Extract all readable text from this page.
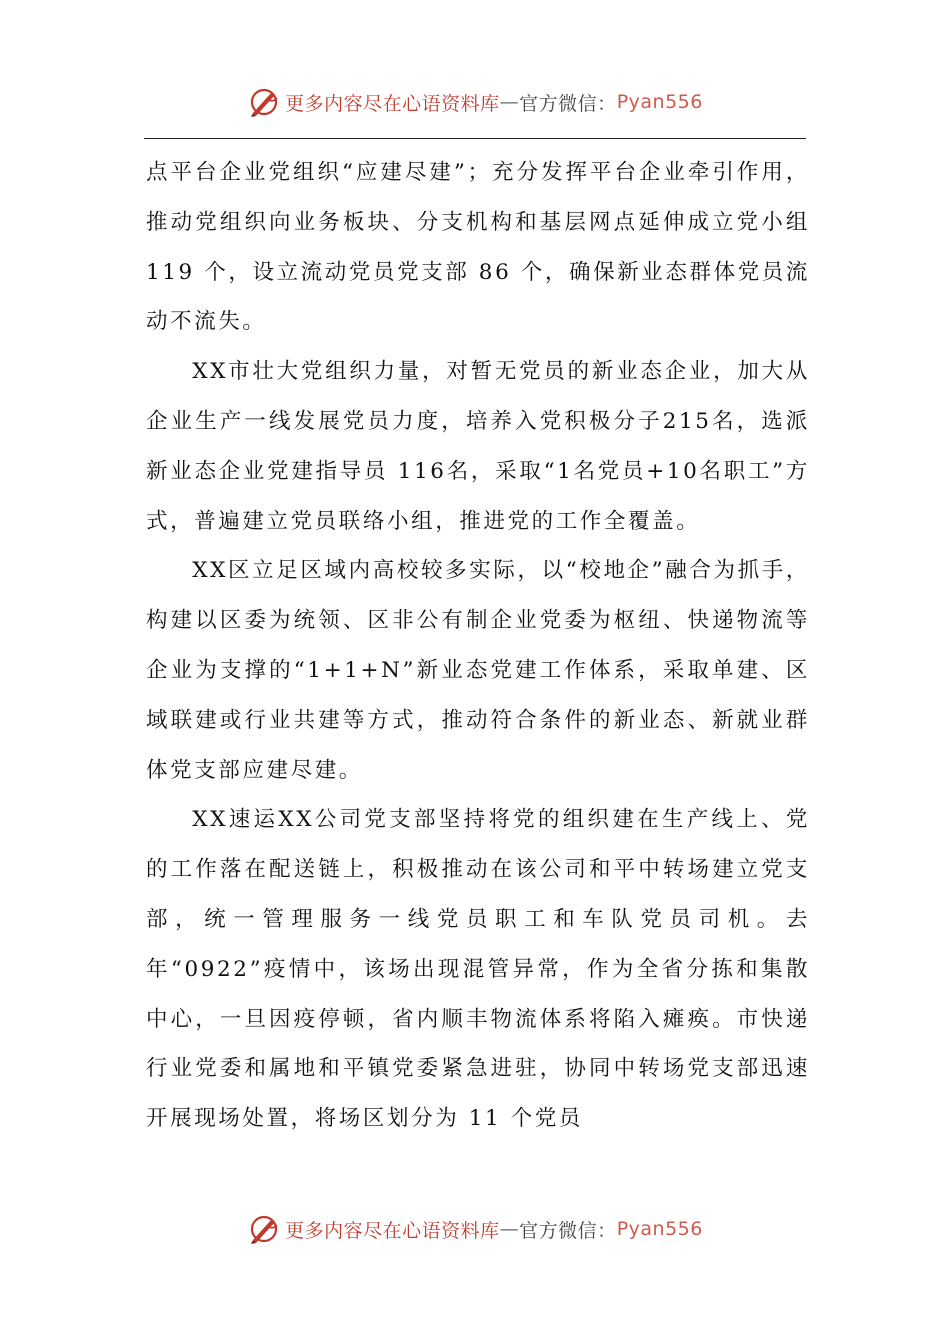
更多内容尽在心语资料库 — 官方微信： Pyan556

点平台企业党组织“应建尽建”；充分发挥平台企业牵引作用，推动党组织向业务板块、分支机构和基层网点延伸成立党小组 119 个，设立流动党员党支部 86 个，确保新业态群体党员流动不流失。

XX市壮大党组织力量，对暂无党员的新业态企业，加大从企业生产一线发展党员力度，培养入党积极分子215名，选派新业态企业党建指导员 116名，采取“1名党员+10名职工”方式，普遍建立党员联络小组，推进党的工作全覆盖。

XX区立足区域内高校较多实际，以“校地企”融合为抓手，构建以区委为统领、区非公有制企业党委为枢纽、快递物流等企业为支撑的“1+1+N”新业态党建工作体系，采取单建、区域联建或行业共建等方式，推动符合条件的新业态、新就业群体党支部应建尽建。

XX速运XX公司党支部坚持将党的组织建在生产线上、党的工作落在配送链上，积极推动在该公司和平中转场建立党支部，统一管理服务一线党员职工和车队党员司机。去年“0922”疫情中，该场出现混管异常，作为全省分拣和集散中心，一旦因疫停顿，省内顺丰物流体系将陷入瘫痪。市快递行业党委和属地和平镇党委紧急进驻，协同中转场党支部迅速开展现场处置，将场区划分为 11 个党员

更多内容尽在心语资料库 — 官方微信： Pyan556
